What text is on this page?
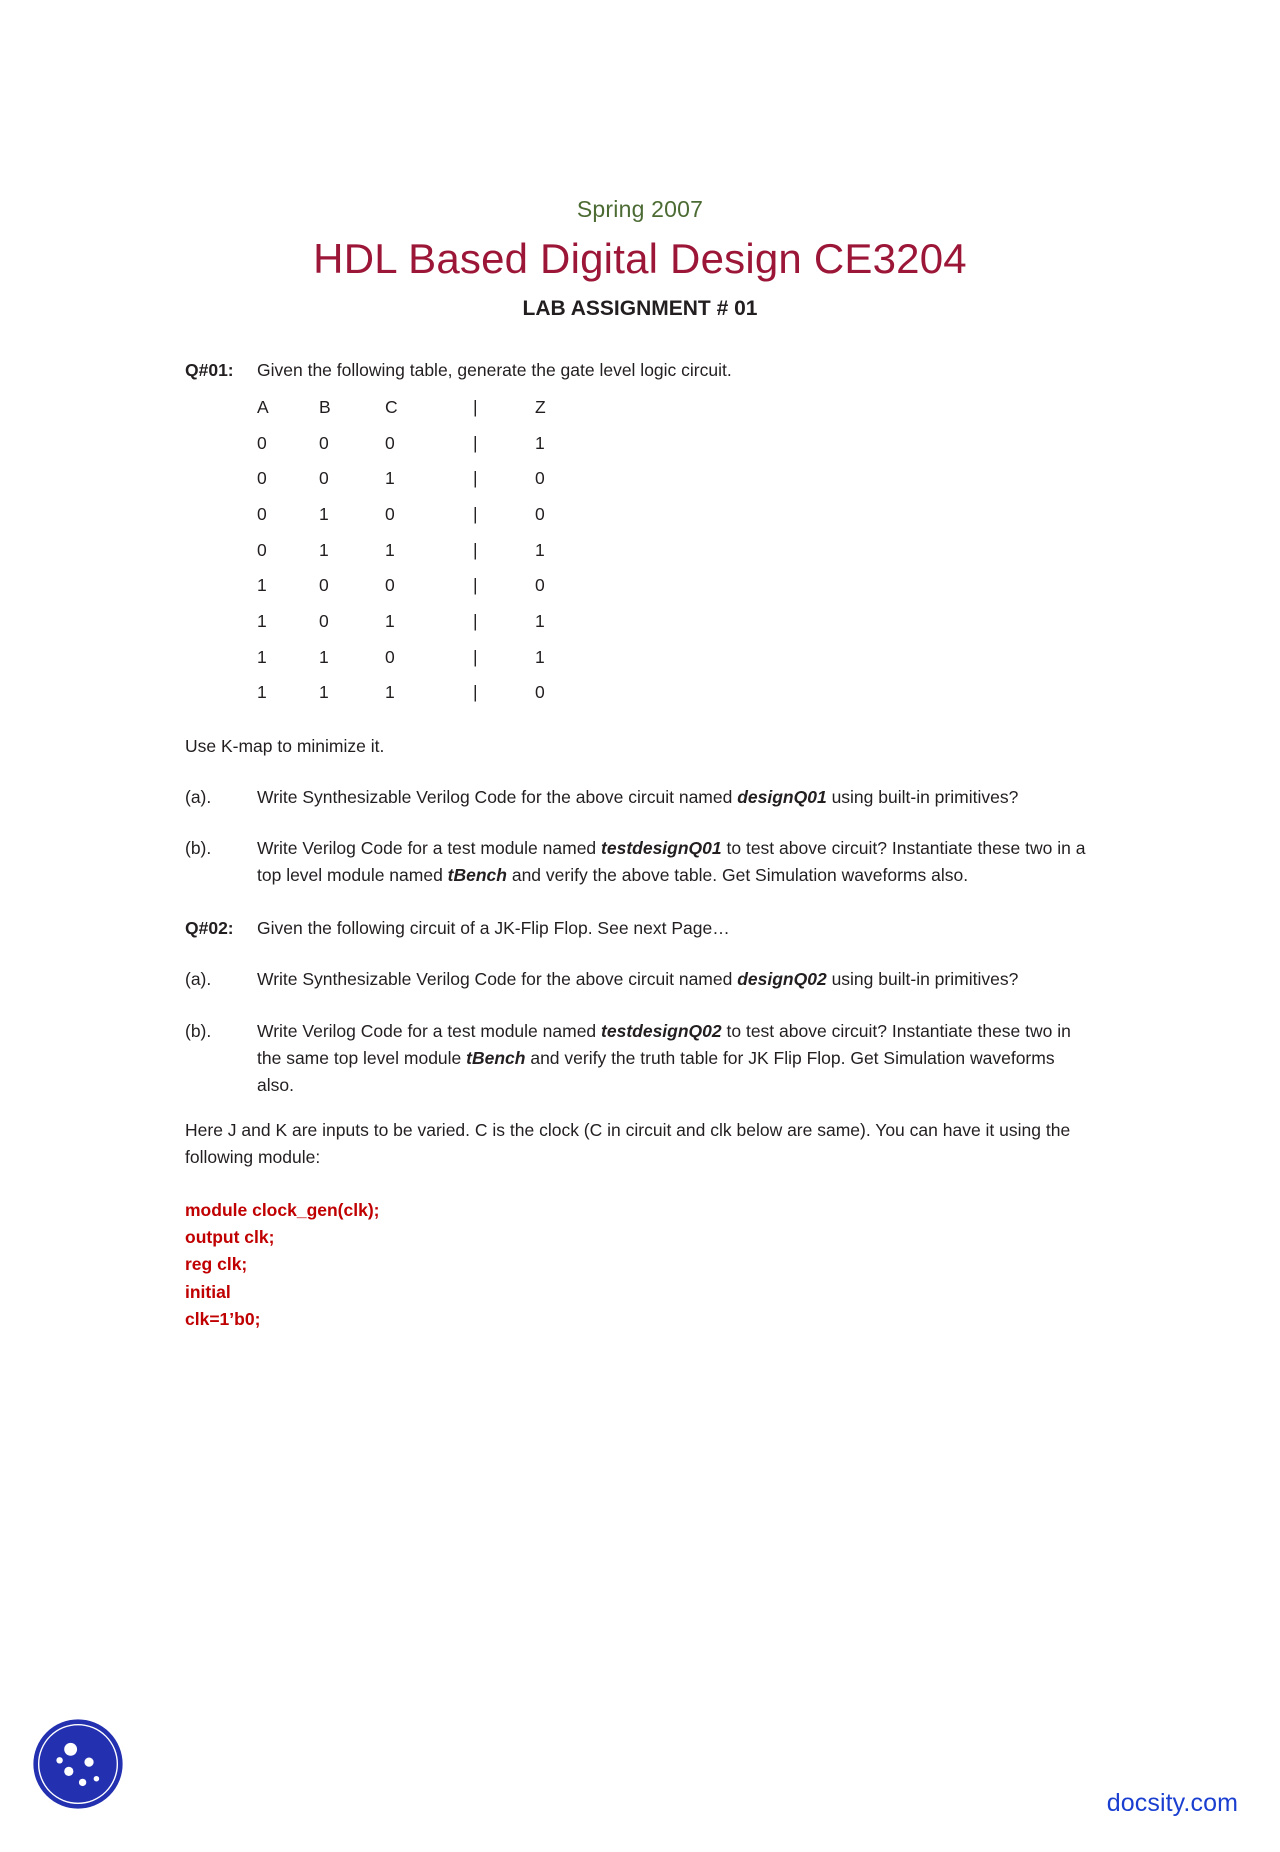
Spring 2007
HDL Based Digital Design CE3204
LAB ASSIGNMENT # 01
Q#01:	Given the following table, generate the gate level logic circuit.
A	B	C	|	Z
0	0	0	|	1
0	0	1	|	0
0	1	0	|	0
0	1	1	|	1
1	0	0	|	0
1	0	1	|	1
1	1	0	|	1
1	1	1	|	0
Use K-map to minimize it.
(a).	Write Synthesizable Verilog Code for the above circuit named designQ01 using built-in primitives?
(b).	Write Verilog Code for a test module named testdesignQ01 to test above circuit? Instantiate these two in a top level module named tBench and verify the above table. Get Simulation waveforms also.
Q#02:	Given the following circuit of a JK-Flip Flop. See next Page…
(a).	Write Synthesizable Verilog Code for the above circuit named designQ02 using built-in primitives?
(b).	Write Verilog Code for a test module named testdesignQ02 to test above circuit? Instantiate these two in the same top level module tBench and verify the truth table for JK Flip Flop. Get Simulation waveforms also.
Here J and K are inputs to be varied. C is the clock (C in circuit and clk below are same). You can have it using the following module:
module clock_gen(clk);
output clk;
reg clk;
initial
clk=1’b0;
docsity.com
